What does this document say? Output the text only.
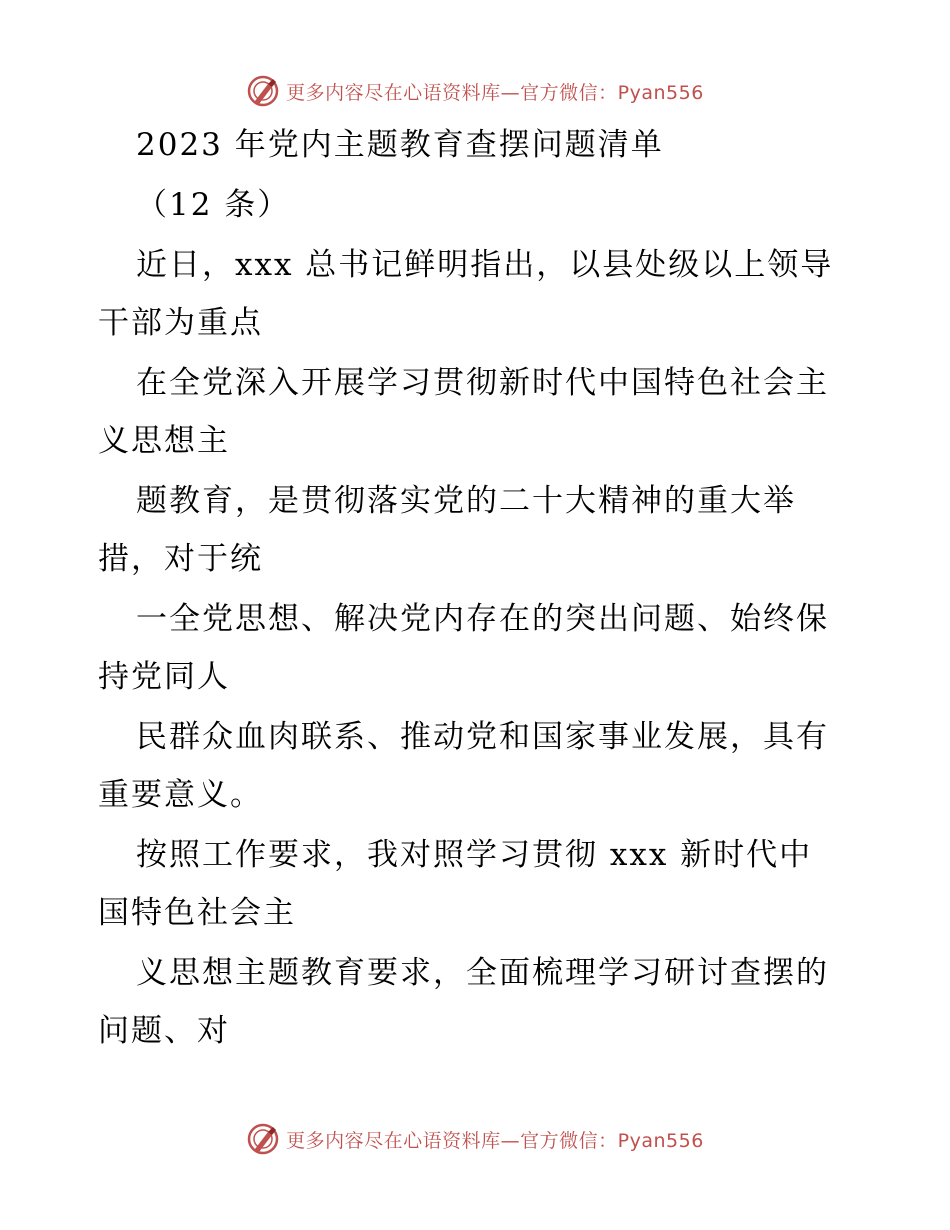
更多内容尽在心语资料库—官方微信：Pyan556
2023 年党内主题教育查摆问题清单
（12 条）
近日，xxx 总书记鲜明指出，以县处级以上领导
干部为重点
在全党深入开展学习贯彻新时代中国特色社会主
义思想主
题教育，是贯彻落实党的二十大精神的重大举
措，对于统
一全党思想、解决党内存在的突出问题、始终保
持党同人
民群众血肉联系、推动党和国家事业发展，具有
重要意义。
按照工作要求，我对照学习贯彻 xxx 新时代中
国特色社会主
义思想主题教育要求，全面梳理学习研讨查摆的
问题、对
更多内容尽在心语资料库—官方微信：Pyan556
